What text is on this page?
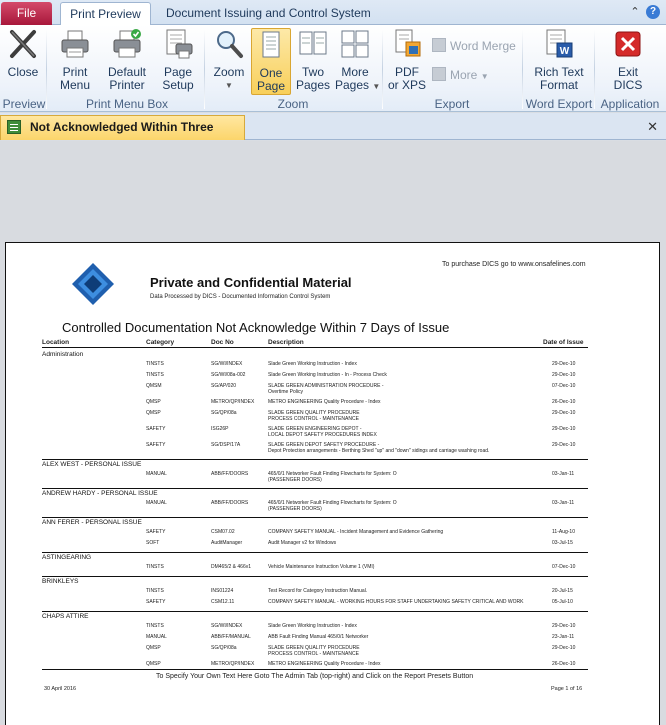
File	Print Preview	Document Issuing and Control System	⌃	?
Close	Print
Menu
Default
Printer
Page
Setup
Zoom
▼
One
Page
Two
Pages
More
Pages ▼
PDF
or XPS
Word Merge
More ▼
W
Rich Text
Format
Exit
DICS
Preview	Print Menu Box	Zoom	Export	Word Export Application
Not Acknowledged Within Three	✕
To purchase DICS go to www.onsafelines.com
Private and Confidential Material
Data Processed by DICS - Documented Information Control System
Controlled Documentation Not Acknowledge Within 7 Days of Issue
Location	Category	Doc No	Description	Date of Issue
Administration
TINSTS	SG/WI/INDEX	Slade Green Working Instruction - Index	29-Dec-10
TINSTS	SG/WI/08a-002	Slade Green Working Instruction - In - Process Check	29-Dec-10
QMSM	SG/AP/020	SLADE GREEN ADMINISTRATION PROCEDURE -	07-Dec-10
Overtime Policy
QMSP	METRO/QP/INDEX	METRO ENGINEERING Quality Procedure - Index	26-Dec-10
QMSP	SG/QP/08a	SLADE GREEN QUALITY PROCEDURE	29-Dec-10
PROCESS CONTROL - MAINTENANCE
SAFETY	ISG26P	SLADE GREEN ENGINEERING DEPOT -	29-Dec-10
LOCAL DEPOT SAFETY PROCEDURES INDEX
SAFETY	SG/DSP/17A	SLADE GREEN DEPOT SAFETY PROCEDURE -	29-Dec-10
Depot Protection arrangements - Berthing Shed "up" and "down" sidings and carriage washing road.
ALEX WEST - PERSONAL ISSUE
MANUAL	ABB/FF/DOORS	465/0/1 Networker Fault Finding Flowcharts for System: O	03-Jan-11
(PASSENGER DOORS)
ANDREW HARDY - PERSONAL ISSUE
MANUAL	ABB/FF/DOORS	465/0/1 Networker Fault Finding Flowcharts for System: O	03-Jan-11
(PASSENGER DOORS)
ANN FERER - PERSONAL ISSUE
SAFETY	CSM07.02	COMPANY SAFETY MANUAL - Incident Management and Evidence Gathering	11-Aug-10
SOFT	AuditManager	Audit Manager v2 for Windows	03-Jul-15
ASTINGEARING
TINSTS	DM465/2 & 466v1	Vehicle Maintenance Instruction Volume 1 (VMI)	07-Dec-10
BRINKLEYS
TINSTS	INS01224	Test Record for Category Instruction Manual.	20-Jul-15
SAFETY	CSM12.11	COMPANY SAFETY MANUAL - WORKING HOURS FOR STAFF UNDERTAKING SAFETY CRITICAL AND WORK	05-Jul-10
CHAPS ATTIRE
TINSTS	SG/WI/INDEX	Slade Green Working Instruction - Index	29-Dec-10
MANUAL	ABB/FF/MANUAL	ABB Fault Finding Manual 465/0/1 Networker	23-Jan-11
QMSP	SG/QP/08a	SLADE GREEN QUALITY PROCEDURE	29-Dec-10
PROCESS CONTROL - MAINTENANCE
QMSP	METRO/QP/INDEX	METRO ENGINEERING Quality Procedure - Index	26-Dec-10
To Specify Your Own Text Here Goto The Admin Tab (top-right) and Click on the Report Presets Button
30 April 2016	Page 1 of 16
